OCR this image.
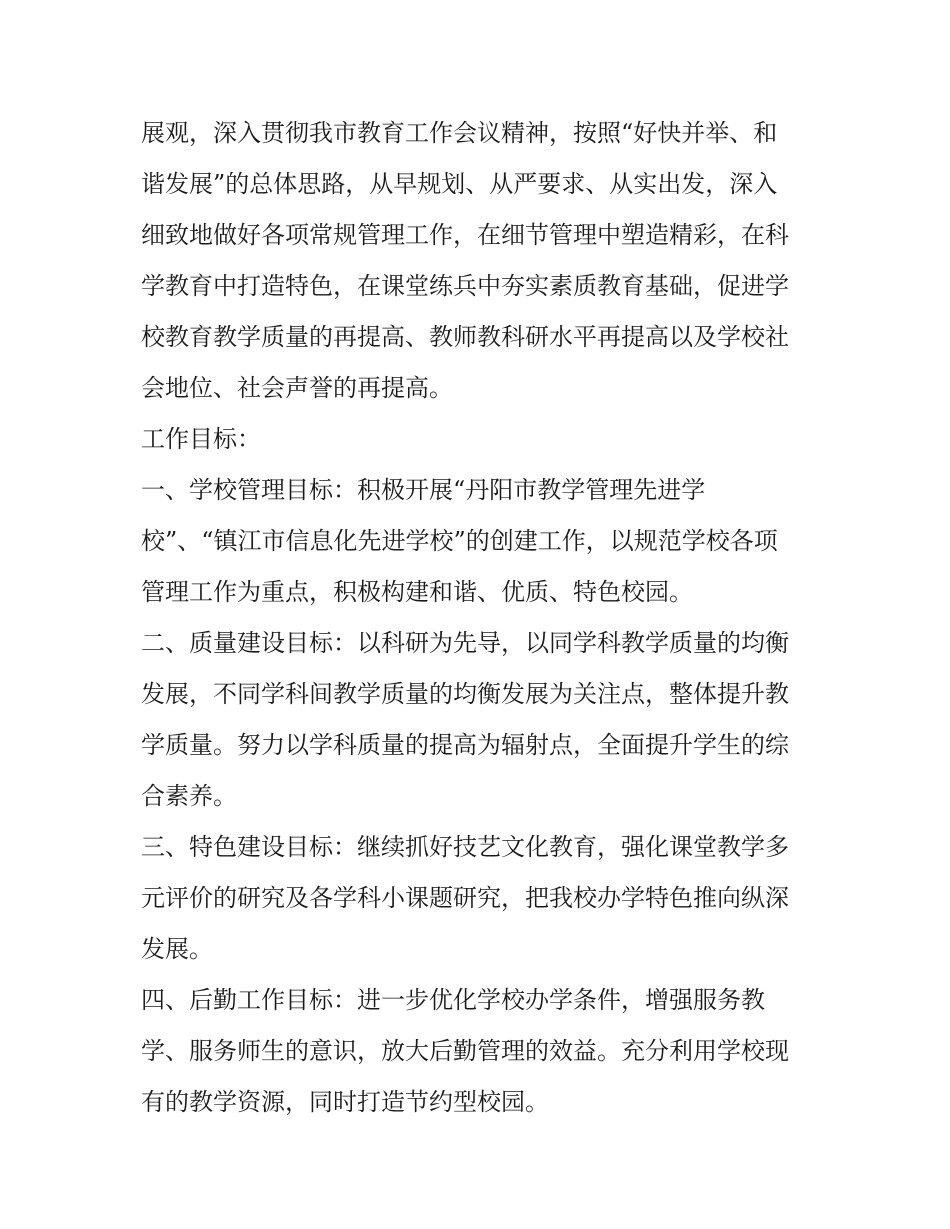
展观，深入贯彻我市教育工作会议精神，按照“好快并举、和
谐发展”的总体思路，从早规划、从严要求、从实出发，深入
细致地做好各项常规管理工作，在细节管理中塑造精彩，在科
学教育中打造特色，在课堂练兵中夯实素质教育基础，促进学
校教育教学质量的再提高、教师教科研水平再提高以及学校社
会地位、社会声誉的再提高。
工作目标：
一、学校管理目标：积极开展“丹阳市教学管理先进学
校”、“镇江市信息化先进学校”的创建工作，以规范学校各项
管理工作为重点，积极构建和谐、优质、特色校园。
二、质量建设目标：以科研为先导，以同学科教学质量的均衡
发展，不同学科间教学质量的均衡发展为关注点，整体提升教
学质量。努力以学科质量的提高为辐射点，全面提升学生的综
合素养。
三、特色建设目标：继续抓好技艺文化教育，强化课堂教学多
元评价的研究及各学科小课题研究，把我校办学特色推向纵深
发展。
四、后勤工作目标：进一步优化学校办学条件，增强服务教
学、服务师生的意识，放大后勤管理的效益。充分利用学校现
有的教学资源，同时打造节约型校园。
